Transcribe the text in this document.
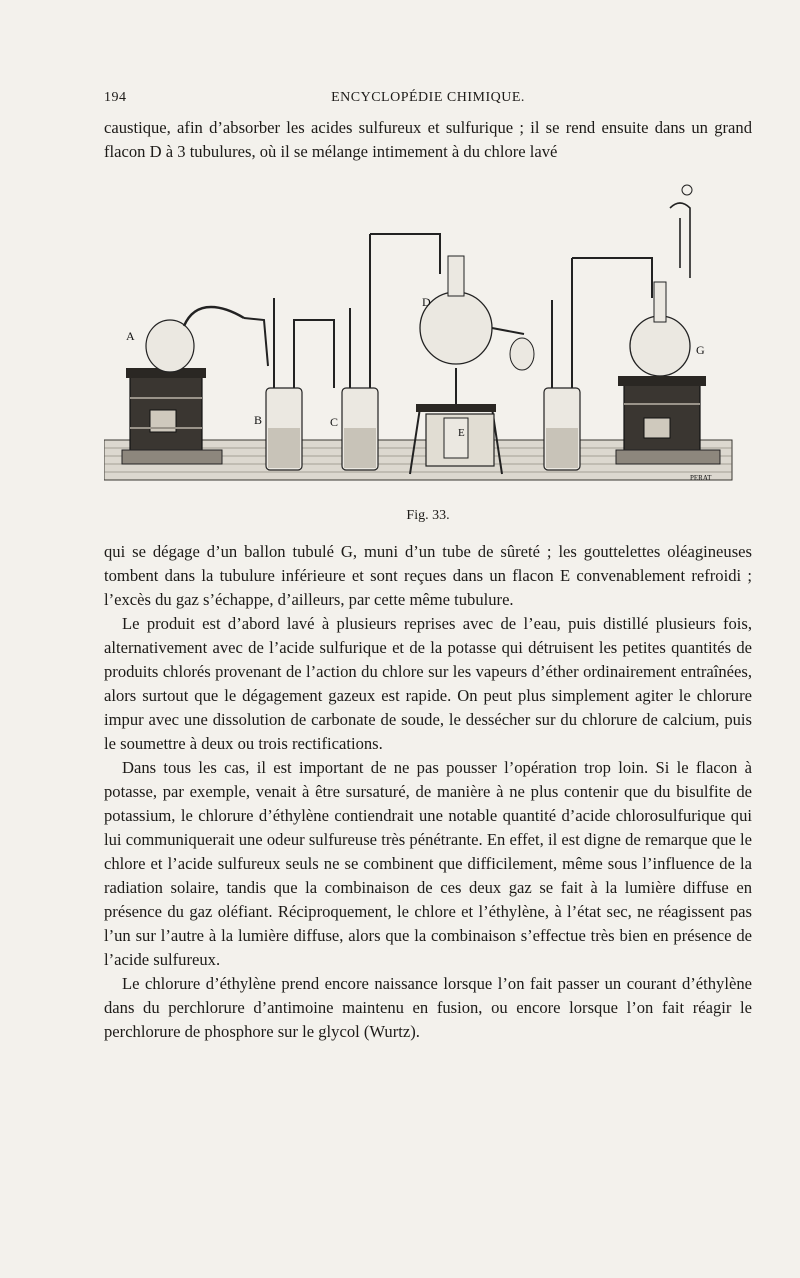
194	ENCYCLOPÉDIE CHIMIQUE.

caustique, afin d’absorber les acides sulfureux et sulfurique ; il se rend ensuite dans un grand flacon D à 3 tubulures, où il se mélange intimement à du chlore lavé

A
B	C
D
E
G
PERAT
Fig. 33.

qui se dégage d’un ballon tubulé G, muni d’un tube de sûreté ; les gouttelettes oléagineuses tombent dans la tubulure inférieure et sont reçues dans un flacon E convenablement refroidi ; l’excès du gaz s’échappe, d’ailleurs, par cette même tubulure.

Le produit est d’abord lavé à plusieurs reprises avec de l’eau, puis distillé plusieurs fois, alternativement avec de l’acide sulfurique et de la potasse qui détruisent les petites quantités de produits chlorés provenant de l’action du chlore sur les vapeurs d’éther ordinairement entraînées, alors surtout que le dégagement gazeux est rapide. On peut plus simplement agiter le chlorure impur avec une dissolution de carbonate de soude, le dessécher sur du chlorure de calcium, puis le soumettre à deux ou trois rectifications.

Dans tous les cas, il est important de ne pas pousser l’opération trop loin. Si le flacon à potasse, par exemple, venait à être sursaturé, de manière à ne plus contenir que du bisulfite de potassium, le chlorure d’éthylène contiendrait une notable quantité d’acide chlorosulfurique qui lui communiquerait une odeur sulfureuse très pénétrante. En effet, il est digne de remarque que le chlore et l’acide sulfureux seuls ne se combinent que difficilement, même sous l’influence de la radiation solaire, tandis que la combinaison de ces deux gaz se fait à la lumière diffuse en présence du gaz oléfiant. Réciproquement, le chlore et l’éthylène, à l’état sec, ne réagissent pas l’un sur l’autre à la lumière diffuse, alors que la combinaison s’effectue très bien en présence de l’acide sulfureux.

Le chlorure d’éthylène prend encore naissance lorsque l’on fait passer un courant d’éthylène dans du perchlorure d’antimoine maintenu en fusion, ou encore lorsque l’on fait réagir le perchlorure de phosphore sur le glycol (Wurtz).
